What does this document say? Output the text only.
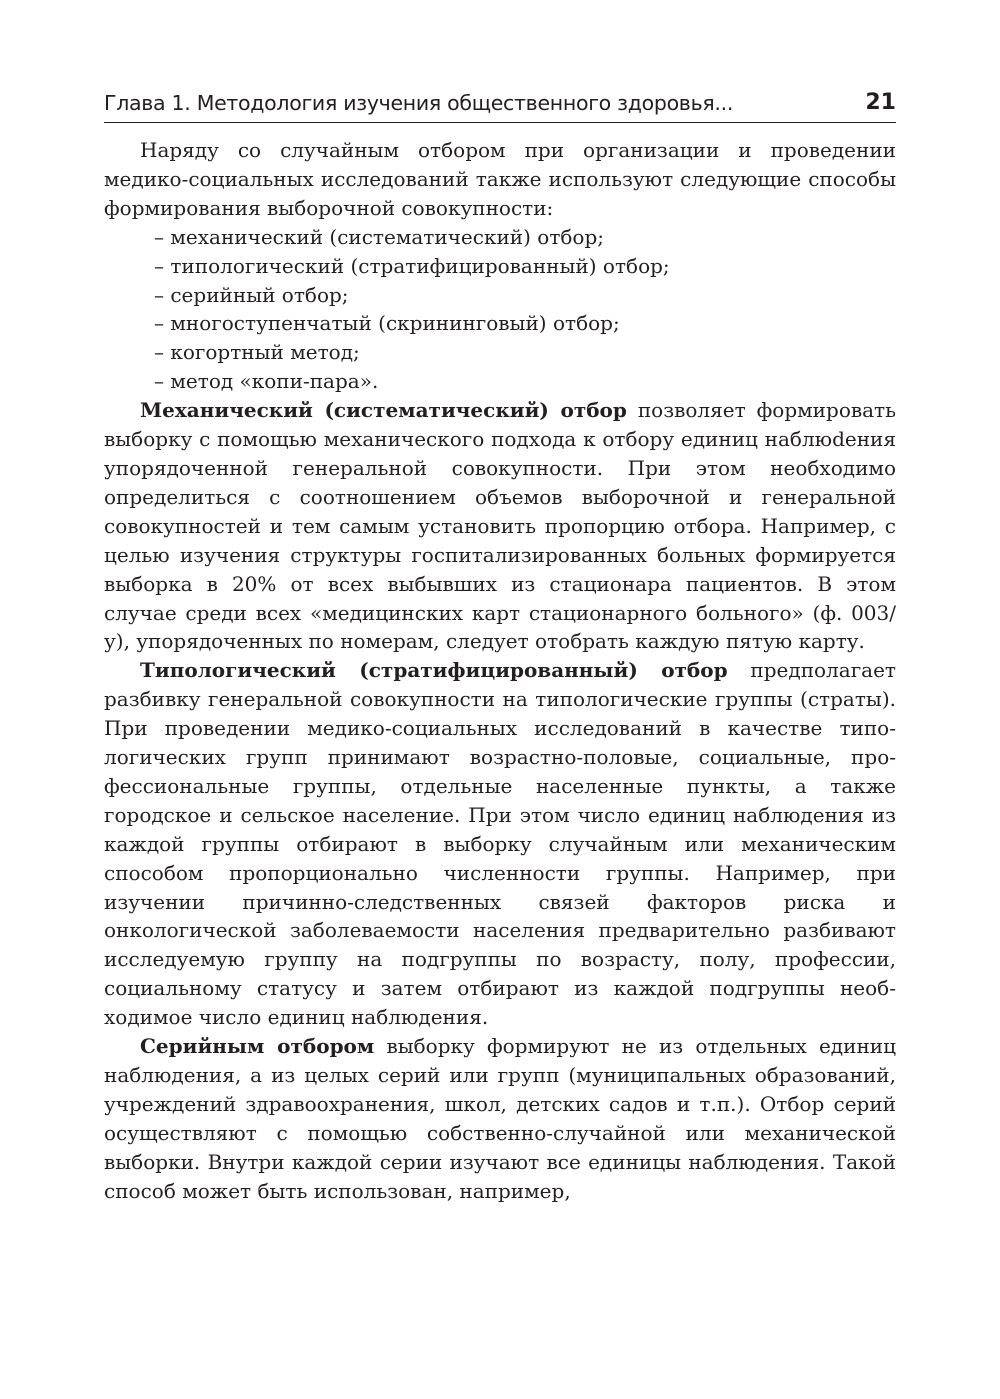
Глава 1. Методология изучения общественного здоровья...	21

Наряду со случайным отбором при организации и проведении медико-социальных исследований также используют следующие способы формирования выборочной совокупности:

– механический (систематический) отбор;
– типологический (стратифицированный) отбор;
– серийный отбор;
– многоступенчатый (скрининговый) отбор;
– когортный метод;
– метод «копи-пара».

Механический (систематический) отбор позволяет формировать выборку с помощью механического подхода к отбору единиц наблюdения упорядоченной генеральной совокупности. При этом необходимо определиться с соотношением объемов выборочной и генеральной совокупностей и тем самым установить пропорцию отбора. Например, с целью изучения структуры госпитализированных больных формируется выборка в 20% от всех выбывших из стационара пациентов. В этом случае среди всех «медицинских карт стационарного больного» (ф. 003/у), упорядоченных по номерам, следует отобрать каждую пятую карту.

Типологический (стратифицированный) отбор предполагает разбивку генеральной совокупности на типологические группы (страты). При проведении медико-социальных исследований в качестве типологических групп принимают возрастно-половые, социальные, профессиональные группы, отдельные населенные пункты, а также городское и сельское население. При этом число единиц наблюдения из каждой группы отбирают в выборку случайным или механическим способом пропорционально численности группы. Например, при изучении причинно-следственных связей факторов риска и онкологической заболеваемости населения предварительно разбивают исследуемую группу на подгруппы по возрасту, полу, профессии, социальному статусу и затем отбирают из каждой подгруппы необходимое число единиц наблюдения.

Серийным отбором выборку формируют не из отдельных единиц наблюдения, а из целых серий или групп (муниципальных образований, учреждений здравоохранения, школ, детских садов и т.п.). Отбор серий осуществляют с помощью собственно-случайной или механической выборки. Внутри каждой серии изучают все единицы наблюдения. Такой способ может быть использован, например,
